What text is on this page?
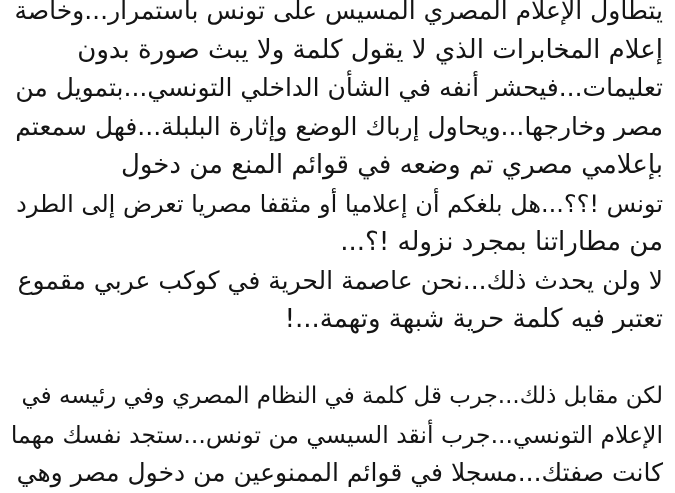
يتطاول الإعلام المصري المسيس على تونس باستمرار...وخاصة
إعلام المخابرات الذي لا يقول كلمة ولا يبث صورة بدون
تعليمات...فيحشر أنفه في الشأن الداخلي التونسي...بتمويل من
مصر وخارجها...ويحاول إرباك الوضع وإثارة البلبلة...فهل سمعتم
بإعلامي مصري تم وضعه في قوائم المنع من دخول
تونس !؟؟...هل بلغكم أن إعلاميا أو مثقفا مصريا تعرض إلى الطرد
من مطاراتنا بمجرد نزوله !؟...
لا ولن يحدث ذلك...نحن عاصمة الحرية في كوكب عربي مقموع
تعتبر فيه كلمة حرية شبهة وتهمة...!
لكن مقابل ذلك...جرب قل كلمة في النظام المصري وفي رئيسه في
الإعلام التونسي...جرب أنقد السيسي من تونس...ستجد نفسك مهما
كانت صفتك...مسجلا في قوائم الممنوعين من دخول مصر وهي
